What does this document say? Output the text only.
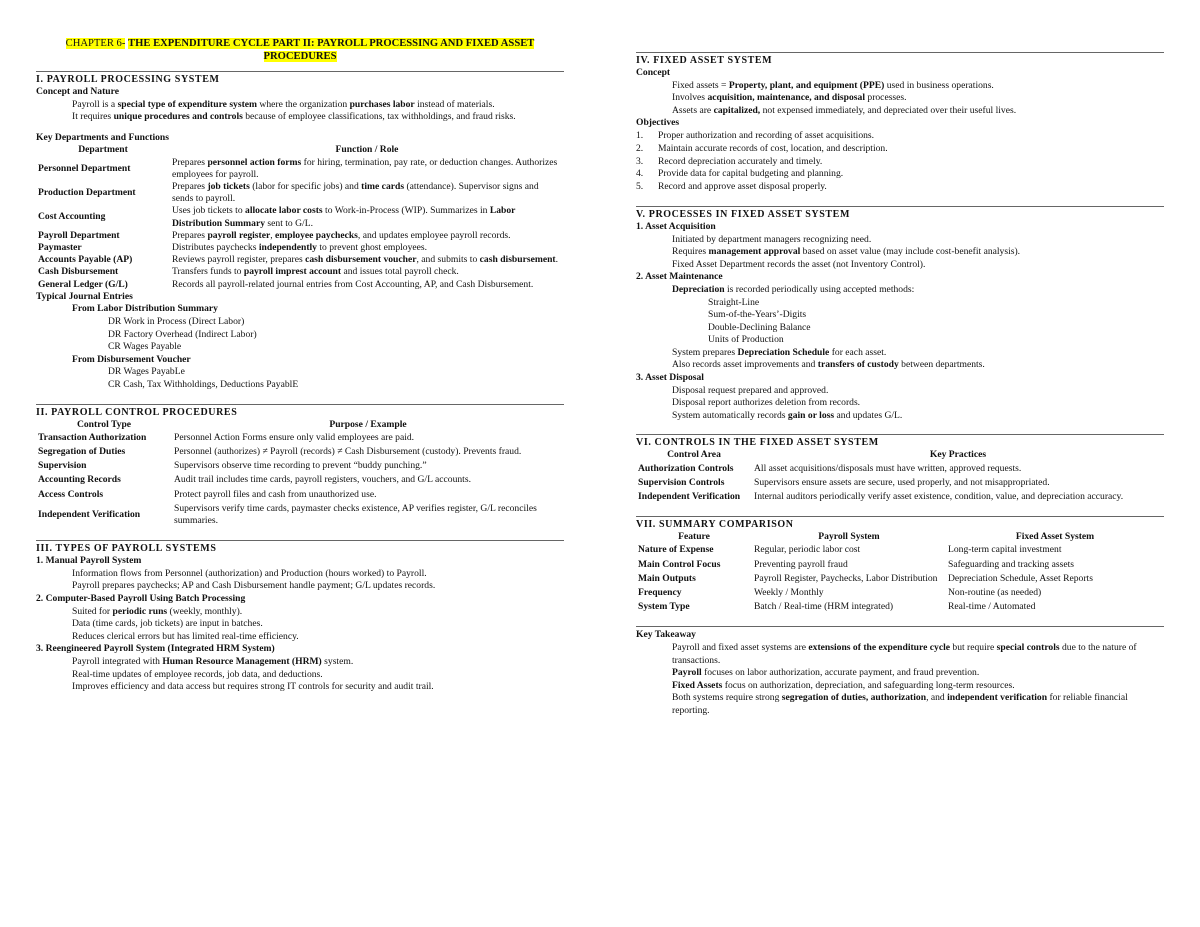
CHAPTER 6- THE EXPENDITURE CYCLE PART II: PAYROLL PROCESSING AND FIXED ASSET PROCEDURES
I. PAYROLL PROCESSING SYSTEM
Concept and Nature
Payroll is a special type of expenditure system where the organization purchases labor instead of materials.
It requires unique procedures and controls because of employee classifications, tax withholdings, and fraud risks.
Key Departments and Functions
Department	Function / Role
Personnel Department	Prepares personnel action forms for hiring, termination, pay rate, or deduction changes. Authorizes employees for payroll.
Production Department	Prepares job tickets (labor for specific jobs) and time cards (attendance). Supervisor signs and sends to payroll.
Cost Accounting	Uses job tickets to allocate labor costs to Work-in-Process (WIP). Summarizes in Labor Distribution Summary sent to G/L.
Payroll Department	Prepares payroll register, employee paychecks, and updates employee payroll records.
Paymaster	Distributes paychecks independently to prevent ghost employees.
Accounts Payable (AP)	Reviews payroll register, prepares cash disbursement voucher, and submits to cash disbursement.
Cash Disbursement	Transfers funds to payroll imprest account and issues total payroll check.
General Ledger (G/L)	Records all payroll-related journal entries from Cost Accounting, AP, and Cash Disbursement.
Typical Journal Entries
From Labor Distribution Summary
DR Work in Process (Direct Labor)
DR Factory Overhead (Indirect Labor)
CR Wages Payable
From Disbursement Voucher
DR Wages PayabLe
CR Cash, Tax Withholdings, Deductions PayablE
II. PAYROLL CONTROL PROCEDURES
Control Type	Purpose / Example
Transaction Authorization	Personnel Action Forms ensure only valid employees are paid.
Segregation of Duties	Personnel (authorizes) ≠ Payroll (records) ≠ Cash Disbursement (custody). Prevents fraud.
Supervision	Supervisors observe time recording to prevent “buddy punching.”
Accounting Records	Audit trail includes time cards, payroll registers, vouchers, and G/L accounts.
Access Controls	Protect payroll files and cash from unauthorized use.
Independent Verification	Supervisors verify time cards, paymaster checks existence, AP verifies register, G/L reconciles summaries.
III. TYPES OF PAYROLL SYSTEMS
1. Manual Payroll System
Information flows from Personnel (authorization) and Production (hours worked) to Payroll.
Payroll prepares paychecks; AP and Cash Disbursement handle payment; G/L updates records.
2. Computer-Based Payroll Using Batch Processing
Suited for periodic runs (weekly, monthly).
Data (time cards, job tickets) are input in batches.
Reduces clerical errors but has limited real-time efficiency.
3. Reengineered Payroll System (Integrated HRM System)
Payroll integrated with Human Resource Management (HRM) system.
Real-time updates of employee records, job data, and deductions.
Improves efficiency and data access but requires strong IT controls for security and audit trail.
IV. FIXED ASSET SYSTEM
Concept
Fixed assets = Property, plant, and equipment (PPE) used in business operations.
Involves acquisition, maintenance, and disposal processes.
Assets are capitalized, not expensed immediately, and depreciated over their useful lives.
Objectives
1. Proper authorization and recording of asset acquisitions.
2. Maintain accurate records of cost, location, and description.
3. Record depreciation accurately and timely.
4. Provide data for capital budgeting and planning.
5. Record and approve asset disposal properly.
V. PROCESSES IN FIXED ASSET SYSTEM
1. Asset Acquisition
Initiated by department managers recognizing need.
Requires management approval based on asset value (may include cost-benefit analysis).
Fixed Asset Department records the asset (not Inventory Control).
2. Asset Maintenance
Depreciation is recorded periodically using accepted methods:
Straight-Line
Sum-of-the-Years’-Digits
Double-Declining Balance
Units of Production
System prepares Depreciation Schedule for each asset.
Also records asset improvements and transfers of custody between departments.
3. Asset Disposal
Disposal request prepared and approved.
Disposal report authorizes deletion from records.
System automatically records gain or loss and updates G/L.
VI. CONTROLS IN THE FIXED ASSET SYSTEM
Control Area	Key Practices
Authorization Controls	All asset acquisitions/disposals must have written, approved requests.
Supervision Controls	Supervisors ensure assets are secure, used properly, and not misappropriated.
Independent Verification	Internal auditors periodically verify asset existence, condition, value, and depreciation accuracy.
VII. SUMMARY COMPARISON
Feature	Payroll System	Fixed Asset System
Nature of Expense	Regular, periodic labor cost	Long-term capital investment
Main Control Focus	Preventing payroll fraud	Safeguarding and tracking assets
Main Outputs	Payroll Register, Paychecks, Labor Distribution	Depreciation Schedule, Asset Reports
Frequency	Weekly / Monthly	Non-routine (as needed)
System Type	Batch / Real-time (HRM integrated)	Real-time / Automated
Key Takeaway
Payroll and fixed asset systems are extensions of the expenditure cycle but require special controls due to the nature of transactions.
Payroll focuses on labor authorization, accurate payment, and fraud prevention.
Fixed Assets focus on authorization, depreciation, and safeguarding long-term resources.
Both systems require strong segregation of duties, authorization, and independent verification for reliable financial reporting.
